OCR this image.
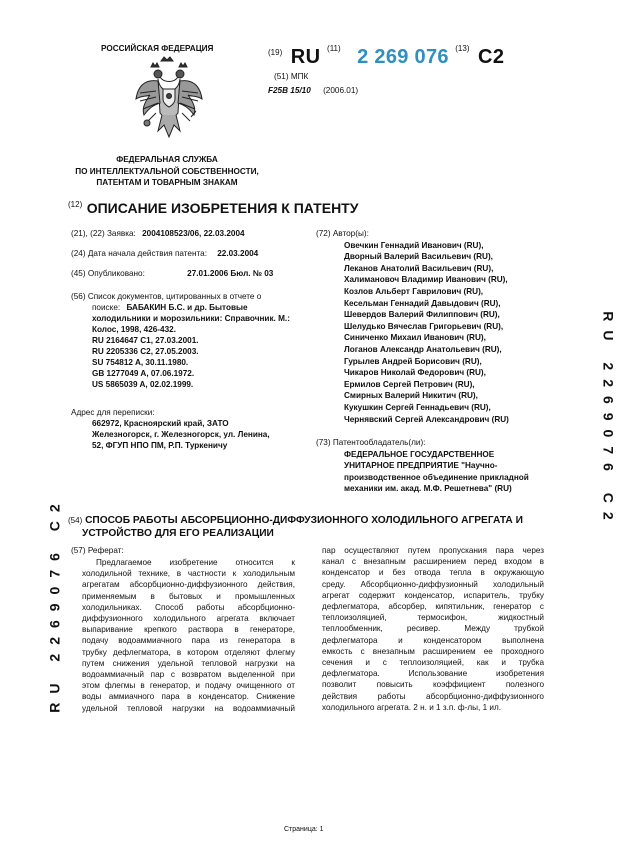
РОССИЙСКАЯ ФЕДЕРАЦИЯ	$^{(19)}$ RU $^{(11)}$ 2 269 076 $^{(13)}$ C2
(51) МПК
F25B 15/10 (2006.01)
ФЕДЕРАЛЬНАЯ СЛУЖБА
ПО ИНТЕЛЛЕКТУАЛЬНОЙ СОБСТВЕННОСТИ,
ПАТЕНТАМ И ТОВАРНЫМ ЗНАКАМ
$^{(12)}$ ОПИСАНИЕ ИЗОБРЕТЕНИЯ К ПАТЕНТУ
(21), (22) Заявка: 2004108523/06, 22.03.2004
(24) Дата начала действия патента: 22.03.2004
(45) Опубликовано:	27.01.2006 Бюл. № 03
(56) Список документов, цитированных в отчете о
поиске: БАБАКИН Б.С. и др. Бытовые
холодильники и морозильники: Справочник. М.:
Колос, 1998, 426-432.
RU 2164647 C1, 27.03.2001.
RU 2205336 C2, 27.05.2003.
SU 754812 A, 30.11.1980.
GB 1277049 A, 07.06.1972.
US 5865039 A, 02.02.1999.
Адрес для переписки:
662972, Красноярский край, ЗАТО
Железногорск, г. Железногорск, ул. Ленина,
52, ФГУП НПО ПМ, Р.П. Туркеничу
(72) Автор(ы):
Овечкин Геннадий Иванович (RU),
Дворный Валерий Васильевич (RU),
Леканов Анатолий Васильевич (RU),
Халимановоч Владимир Иванович (RU),
Козлов Альберт Гаврилович (RU),
Кесельман Геннадий Давыдович (RU),
Шевердов Валерий Филиппович (RU),
Шелудько Вячеслав Григорьевич (RU),
Синиченко Михаил Иванович (RU),
Логанов Александр Анатольевич (RU),
Гурылев Андрей Борисович (RU),
Чикаров Николай Федорович (RU),
Ермилов Сергей Петрович (RU),
Смирных Валерий Никитич (RU),
Кукушкин Сергей Геннадьевич (RU),
Чернявский Сергей Александрович (RU)
(73) Патентообладатель(ли):
ФЕДЕРАЛЬНОЕ ГОСУДАРСТВЕННОЕ
УНИТАРНОЕ ПРЕДПРИЯТИЕ "Научно-
производственное объединение прикладной
механики им. акад. М.Ф. Решетнева" (RU)
(54) СПОСОБ РАБОТЫ АБСОРБЦИОННО-ДИФФУЗИОННОГО ХОЛОДИЛЬНОГО АГРЕГАТА И
УСТРОЙСТВО ДЛЯ ЕГО РЕАЛИЗАЦИИ
(57) Реферат:
Предлагаемое изобретение относится к
холодильной технике, в частности к холодильным
агрегатам абсорбционно-диффузионного действия,
применяемым в бытовых и промышленных
холодильниках. Способ работы абсорбционно-
диффузионного холодильного агрегата включает
выпаривание крепкого раствора в генераторе,
подачу водоаммиачного пара из генератора в
трубку дефлегматора, в котором отделяют флегму
путем снижения удельной тепловой нагрузки на
водоаммиачный пар с возвратом выделенной при
этом флегмы в генератор, и подачу очищенного от
воды аммиачного пара в конденсатор. Снижение
удельной тепловой нагрузки на водоаммиачный
пар осуществляют путем пропускания пара через
канал с внезапным расширением перед входом в
конденсатор и без отвода тепла в окружающую
среду. Абсорбционно-диффузионный холодильный
агрегат содержит конденсатор, испаритель, трубку
дефлегматора, абсорбер, кипятильник, генератор с
теплоизоляцией, термосифон, жидкостный
теплообменник, ресивер. Между трубкой
дефлегматора и конденсатором выполнена
емкость с внезапным расширением ее проходного
сечения и с теплоизоляцией, как и трубка
дефлегматора. Использование изобретения
позволит повысить коэффициент полезного
действия работы абсорбционно-диффузионного
холодильного агрегата. 2 н. и 1 з.п. ф-лы, 1 ил.
RU 2269076 C2
RU 2269076 C2
Страница: 1
